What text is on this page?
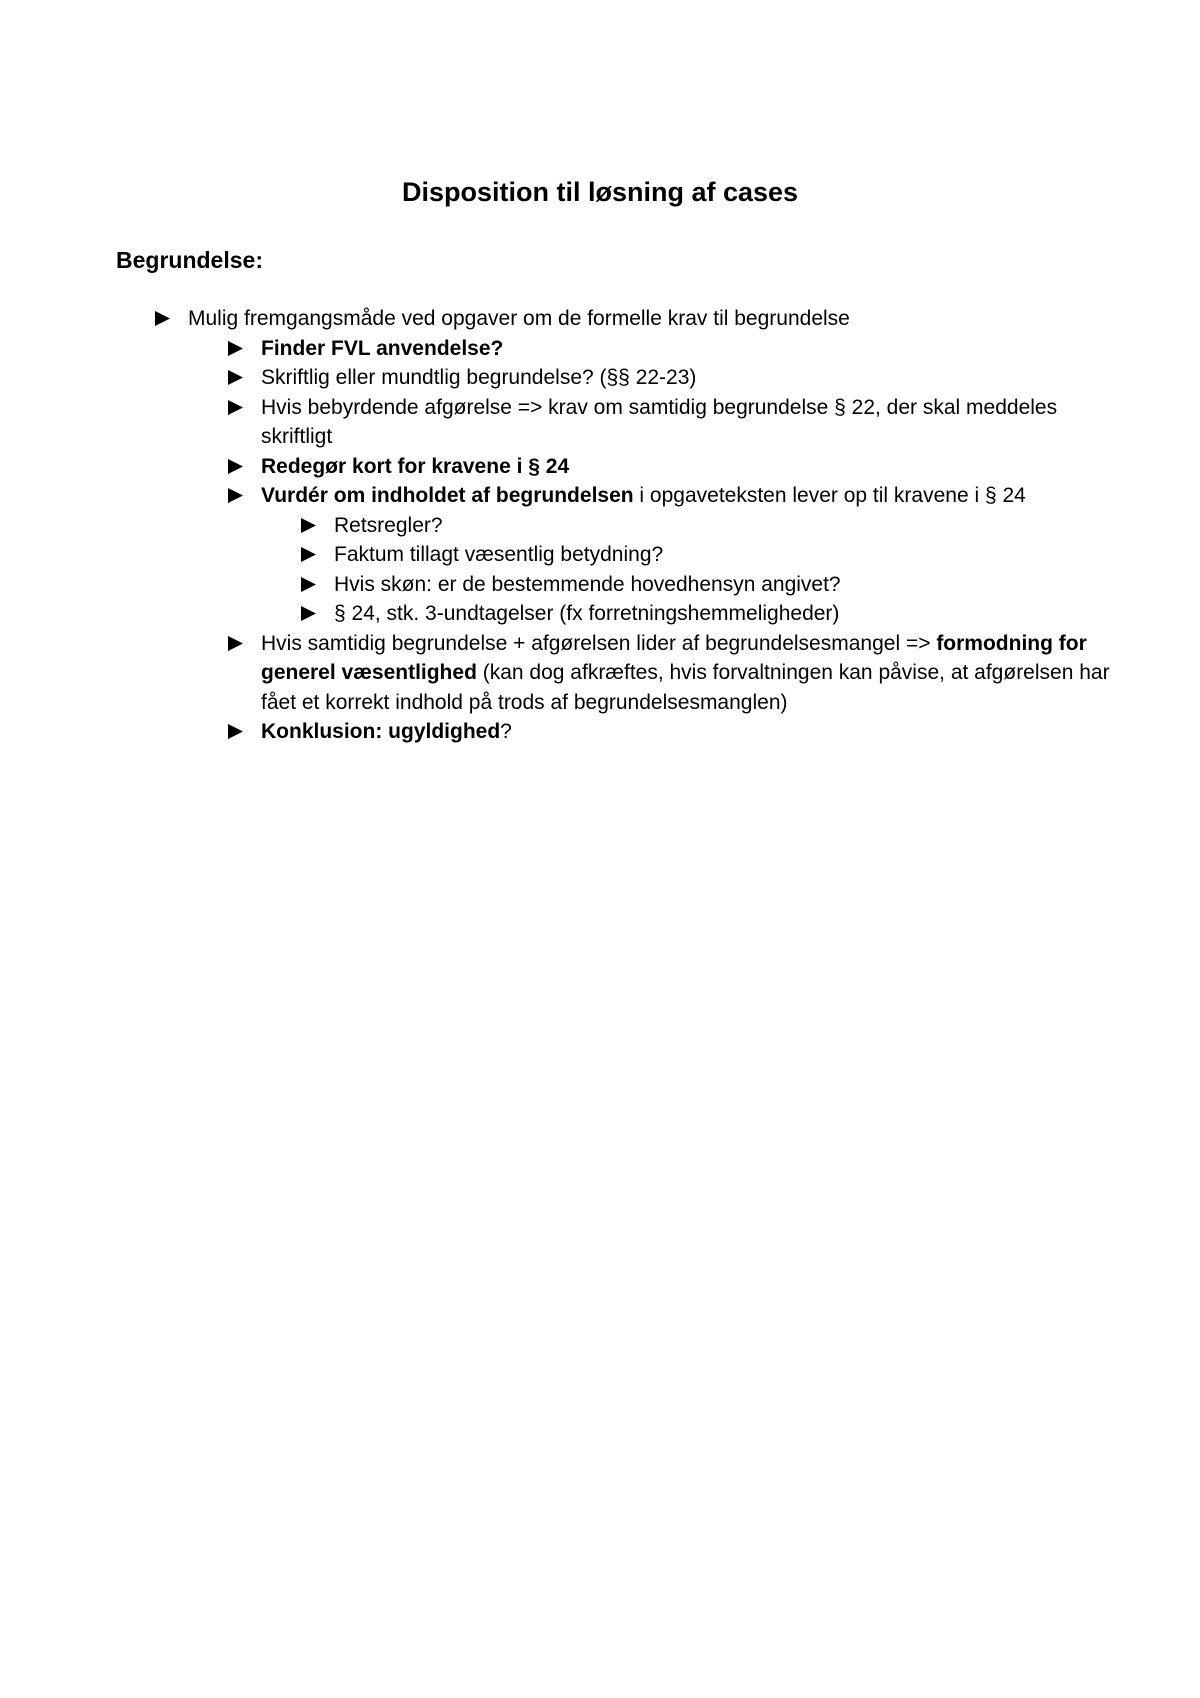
Disposition til løsning af cases
Begrundelse:
Mulig fremgangsmåde ved opgaver om de formelle krav til begrundelse
Finder FVL anvendelse?
Skriftlig eller mundtlig begrundelse? (§§ 22-23)
Hvis bebyrdende afgørelse => krav om samtidig begrundelse § 22, der skal meddeles skriftligt
Redegør kort for kravene i § 24
Vurdér om indholdet af begrundelsen i opgaveteksten lever op til kravene i § 24
Retsregler?
Faktum tillagt væsentlig betydning?
Hvis skøn: er de bestemmende hovedhensyn angivet?
§ 24, stk. 3-undtagelser (fx forretningshemmeligheder)
Hvis samtidig begrundelse + afgørelsen lider af begrundelsesmangel => formodning for generel væsentlighed (kan dog afkræftes, hvis forvaltningen kan påvise, at afgørelsen har fået et korrekt indhold på trods af begrundelsesmanglen)
Konklusion: ugyldighed?
